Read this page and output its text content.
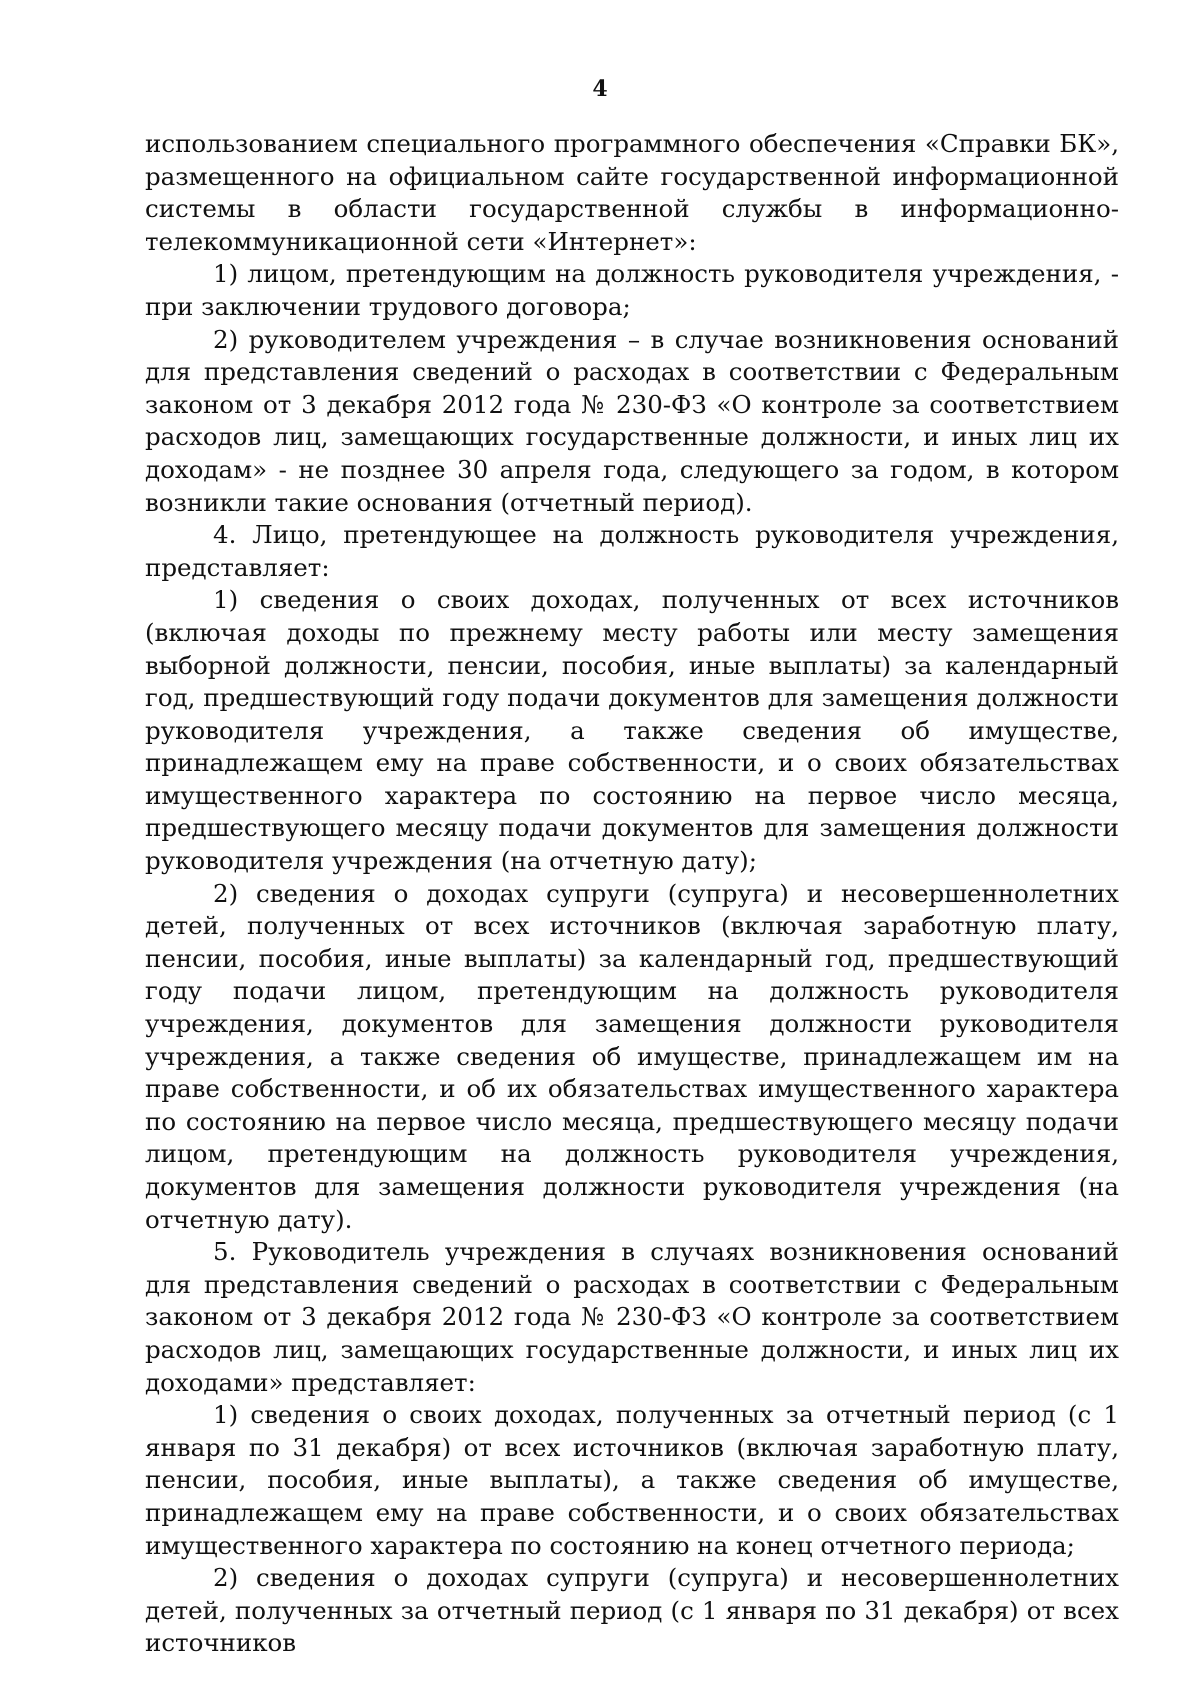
4

использованием специального программного обеспечения «Справки БК», размещенного на официальном сайте государственной информационной системы в области государственной службы в информационно-телекоммуникационной сети «Интернет»:

1) лицом, претендующим на должность руководителя учреждения, - при заключении трудового договора;

2) руководителем учреждения – в случае возникновения оснований для представления сведений о расходах в соответствии с Федеральным законом от 3 декабря 2012 года № 230-ФЗ «О контроле за соответствием расходов лиц, замещающих государственные должности, и иных лиц их доходам» - не позднее 30 апреля года, следующего за годом, в котором возникли такие основания (отчетный период).

4. Лицо, претендующее на должность руководителя учреждения, представляет:

1) сведения о своих доходах, полученных от всех источников (включая доходы по прежнему месту работы или месту замещения выборной должности, пенсии, пособия, иные выплаты) за календарный год, предшествующий году подачи документов для замещения должности руководителя учреждения, а также сведения об имуществе, принадлежащем ему на праве собственности, и о своих обязательствах имущественного характера по состоянию на первое число месяца, предшествующего месяцу подачи документов для замещения должности руководителя учреждения (на отчетную дату);

2) сведения о доходах супруги (супруга) и несовершеннолетних детей, полученных от всех источников (включая заработную плату, пенсии, пособия, иные выплаты) за календарный год, предшествующий году подачи лицом, претендующим на должность руководителя учреждения, документов для замещения должности руководителя учреждения, а также сведения об имуществе, принадлежащем им на праве собственности, и об их обязательствах имущественного характера по состоянию на первое число месяца, предшествующего месяцу подачи лицом, претендующим на должность руководителя учреждения, документов для замещения должности руководителя учреждения (на отчетную дату).

5. Руководитель учреждения в случаях возникновения оснований для представления сведений о расходах в соответствии с Федеральным законом от 3 декабря 2012 года № 230-ФЗ «О контроле за соответствием расходов лиц, замещающих государственные должности, и иных лиц их доходами» представляет:

1) сведения о своих доходах, полученных за отчетный период (с 1 января по 31 декабря) от всех источников (включая заработную плату, пенсии, пособия, иные выплаты), а также сведения об имуществе, принадлежащем ему на праве собственности, и о своих обязательствах имущественного характера по состоянию на конец отчетного периода;

2) сведения о доходах супруги (супруга) и несовершеннолетних детей, полученных за отчетный период (с 1 января по 31 декабря) от всех источников
